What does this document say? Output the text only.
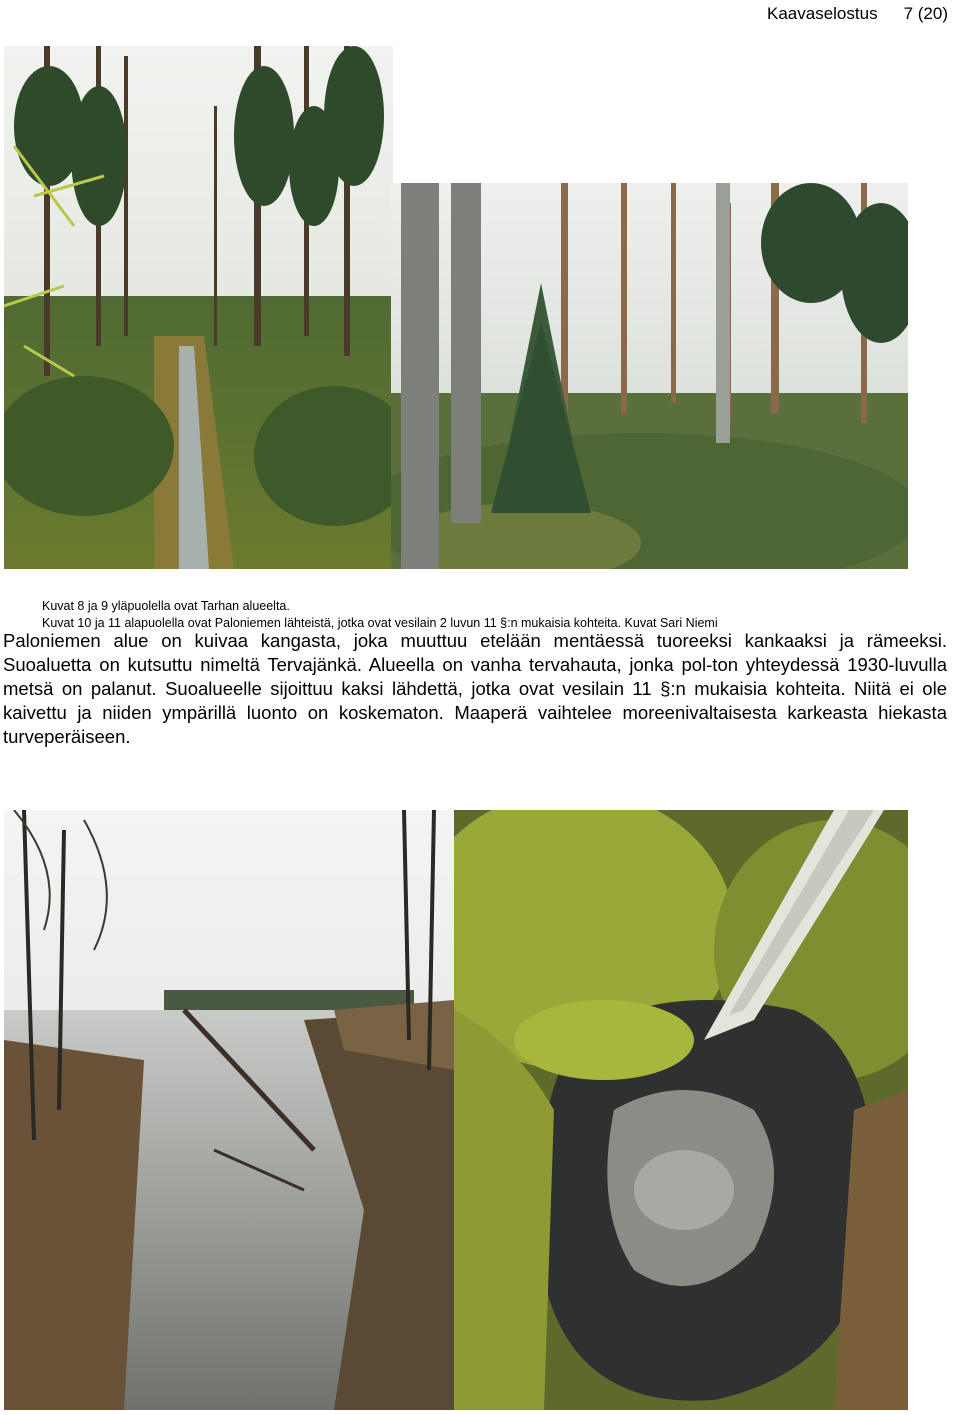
Kaavaselostus 7 (20)
Kuvat 8 ja 9 yläpuolella ovat Tarhan alueelta.
Kuvat 10 ja 11 alapuolella ovat Paloniemen lähteistä, jotka ovat vesilain 2 luvun 11 §:n mukaisia kohteita. Kuvat Sari Niemi
Paloniemen alue on kuivaa kangasta, joka muuttuu etelään mentäessä tuoreeksi kankaaksi ja rämeeksi. Suoaluetta on kutsuttu nimeltä Tervajänkä. Alueella on vanha tervahauta, jonka pol-ton yhteydessä 1930-luvulla metsä on palanut. Suoalueelle sijoittuu kaksi lähdettä, jotka ovat vesilain 11 §:n mukaisia kohteita. Niitä ei ole kaivettu ja niiden ympärillä luonto on koskematon. Maaperä vaihtelee moreenivaltaisesta karkeasta hiekasta turveperäiseen.
